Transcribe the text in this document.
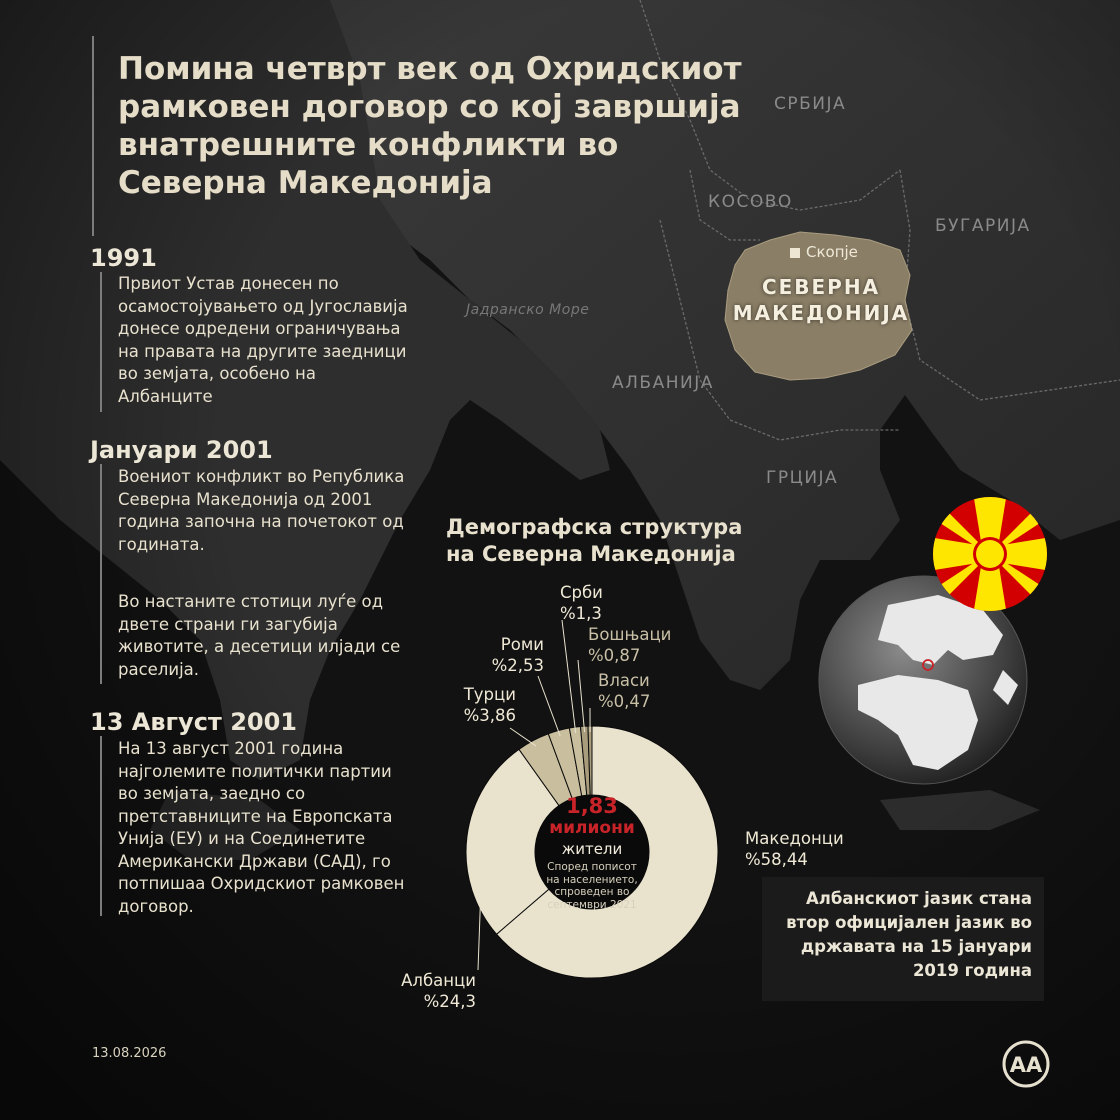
Помина четврт век од Охридскиот рамковен договор со кој завршија внатрешните конфликти во Северна Македонија
СРБИЈА
КОСОВО
БУГАРИЈА
АЛБАНИЈА
ГРЦИЈА
Јадранско Море
Скопје
СЕВЕРНА
МАКЕДОНИЈА
1991

Првиот Устав донесен по осамостојувањето од Југославија донесе одредени ограничувања на правата на другите заедници во земјата, особено на Албанците

Јануари 2001

Воениот конфликт во Република Северна Македонија од 2001 година започна на почетокот од годината.

Во настаните стотици луѓе од двете страни ги загубија животите, а десетици илјади се раселија.

13 Август 2001

На 13 август 2001 година најголемите политички партии во земјата, заедно со претставниците на Европската Унија (ЕУ) и на Соединетите Американски Држави (САД), го потпишаа Охридскиот рамковен договор.

Демографска структура
на Северна Македонија
Македонци
%58,44
Албанци
%24,3
Турци
%3,86
Роми
%2,53
Срби
%1,3
Бошњаци
%0,87
Власи
%0,47
1,83
милиони
жители
Според пописот на населението, спроведен во септември 2021	Албанскиот јазик стана втор официјален јазик во државата на 15 јануари 2019 година

13.08.2026	AA
